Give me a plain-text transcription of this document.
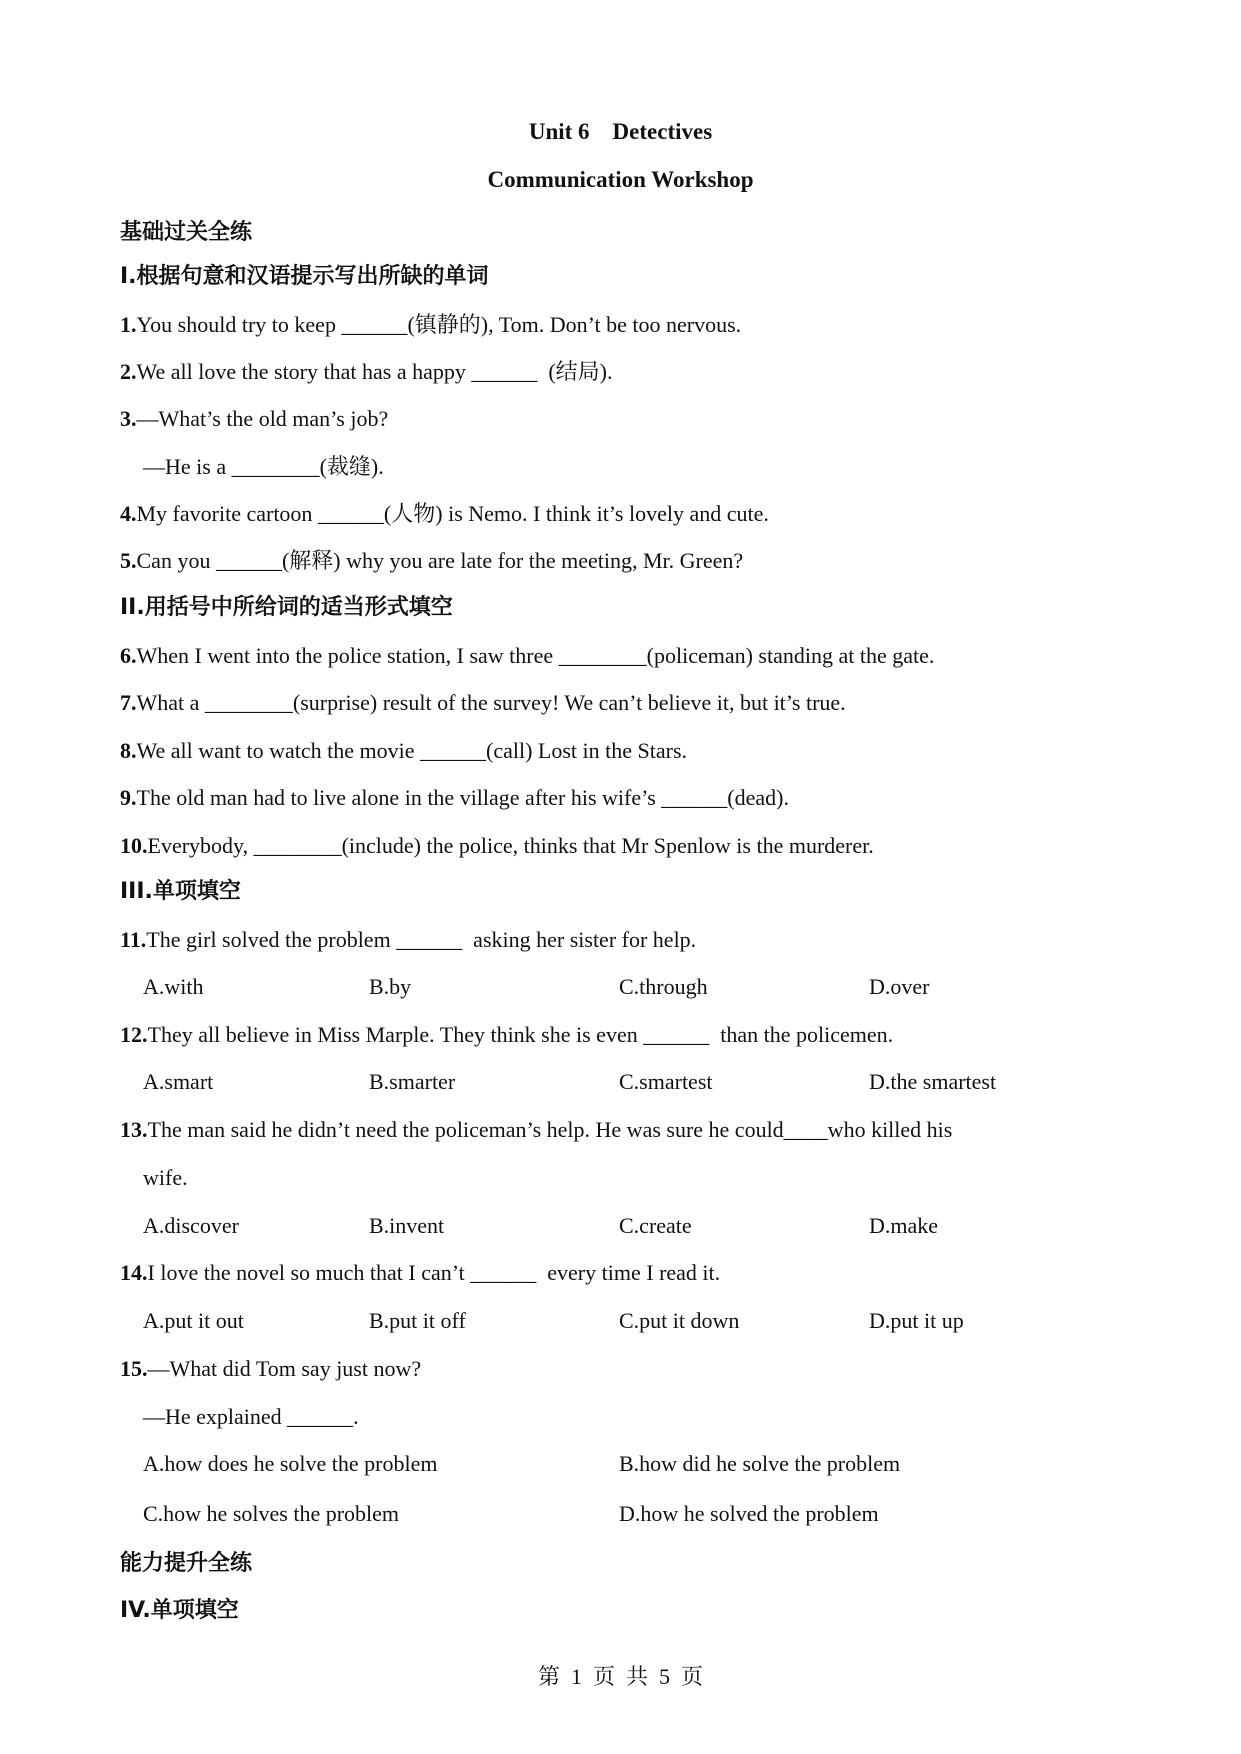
Unit 6    Detectives
Communication Workshop
基础过关全练
I.根据句意和汉语提示写出所缺的单词
1.You should try to keep ______(镇静的), Tom. Don’t be too nervous.
2.We all love the story that has a happy ______  (结局).
3.—What’s the old man’s job?
—He is a ________(裁缝).
4.My favorite cartoon ______(人物) is Nemo. I think it’s lovely and cute.
5.Can you ______(解释) why you are late for the meeting, Mr. Green?
II.用括号中所给词的适当形式填空
6.When I went into the police station, I saw three ________(policeman) standing at the gate.
7.What a ________(surprise) result of the survey! We can’t believe it, but it’s true.
8.We all want to watch the movie ______(call) Lost in the Stars.
9.The old man had to live alone in the village after his wife’s ______(dead).
10.Everybody, ________(include) the police, thinks that Mr Spenlow is the murderer.
III.单项填空
11.The girl solved the problem ______  asking her sister for help.
A.with	B.by	C.through	D.over
12.They all believe in Miss Marple. They think she is even ______  than the policemen.
A.smart	B.smarter	C.smartest	D.the smartest
13.The man said he didn’t need the policeman’s help. He was sure he could____who killed his
wife.
A.discover	B.invent	C.create	D.make
14.I love the novel so much that I can’t ______  every time I read it.
A.put it out	B.put it off	C.put it down	D.put it up
15.—What did Tom say just now?
—He explained ______.
A.how does he solve the problem	B.how did he solve the problem
C.how he solves the problem	D.how he solved the problem
能力提升全练
IV.单项填空
第  1  页  共  5  页
